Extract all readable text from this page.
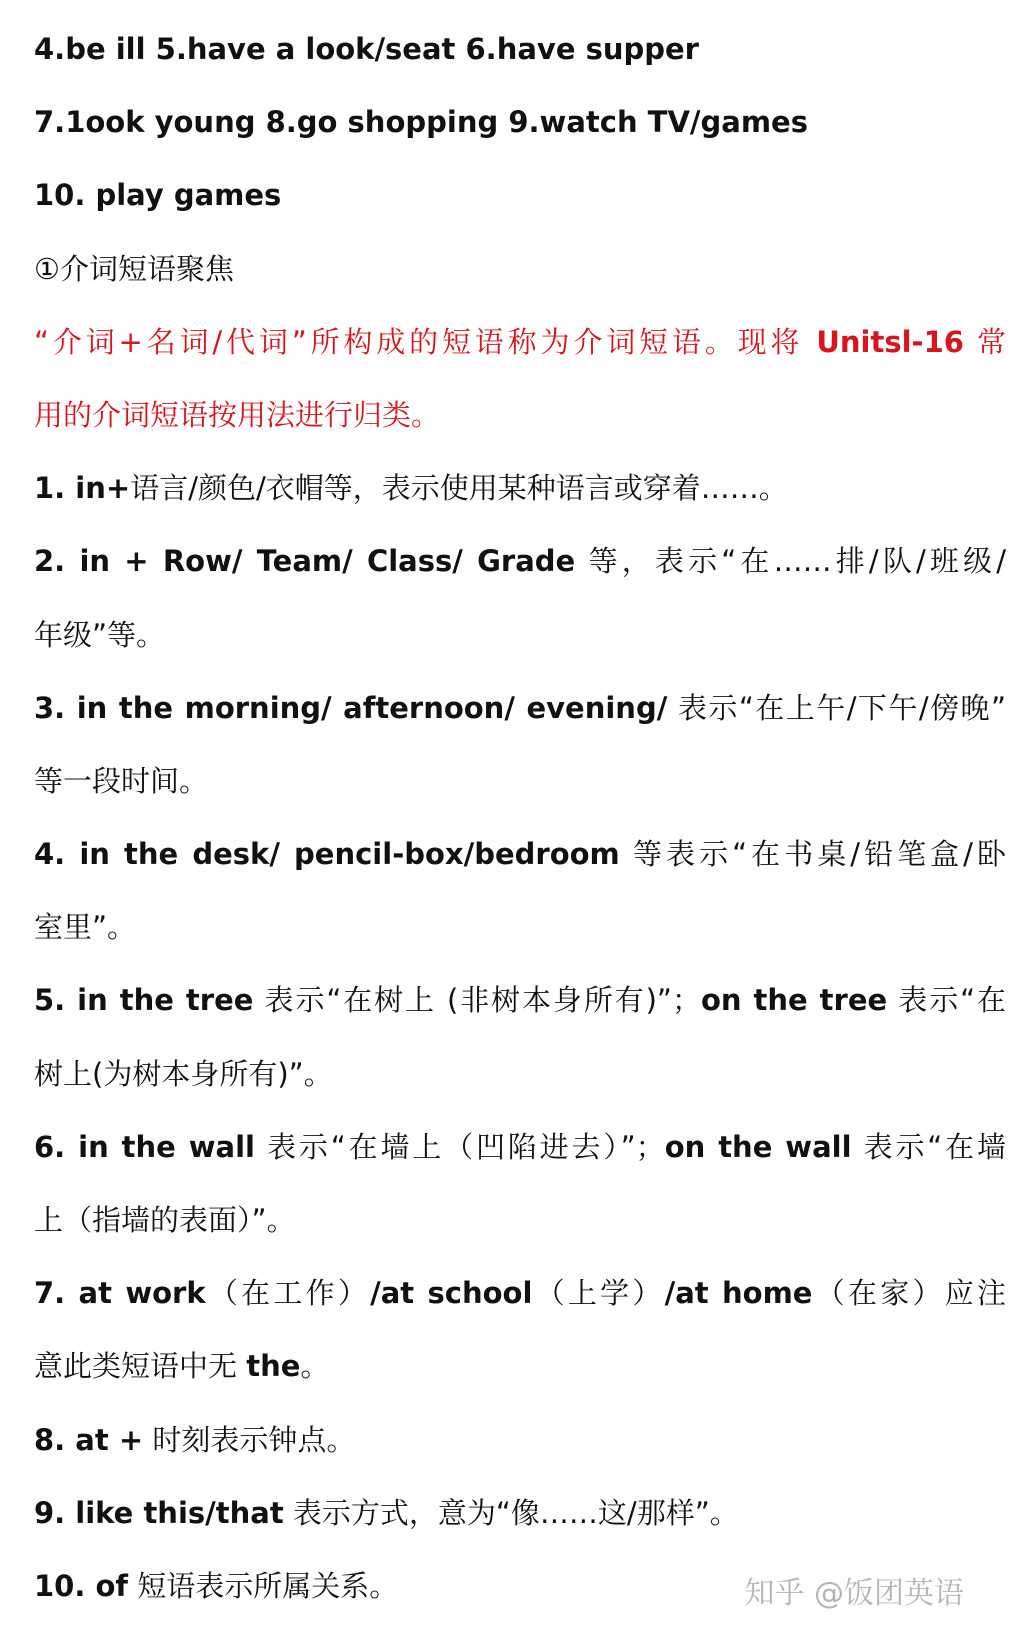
4.be ill 5.have a look/seat 6.have supper
7.1ook young 8.go shopping 9.watch TV/games
10. play games
①介词短语聚焦
“介词+名词/代词”所构成的短语称为介词短语。现将 Unitsl-16 常
用的介词短语按用法进行归类。
1. in+语言/颜色/衣帽等，表示使用某种语言或穿着……。
2. in + Row/ Team/ Class/ Grade 等，表示“在……排/队/班级/
年级”等。
3. in the morning/ afternoon/ evening/ 表示“在上午/下午/傍晚”
等一段时间。
4. in the desk/ pencil-box/bedroom 等表示“在书桌/铅笔盒/卧
室里”。
5. in the tree 表示“在树上 (非树本身所有)”；on the tree 表示“在
树上(为树本身所有)”。
6. in the wall 表示“在墙上（凹陷进去）”；on the wall 表示“在墙
上（指墙的表面）”。
7. at work（在工作）/at school（上学）/at home（在家）应注
意此类短语中无 the。
8. at + 时刻表示钟点。
9. like this/that 表示方式，意为“像……这/那样”。
10. of 短语表示所属关系。	知乎 @饭团英语
